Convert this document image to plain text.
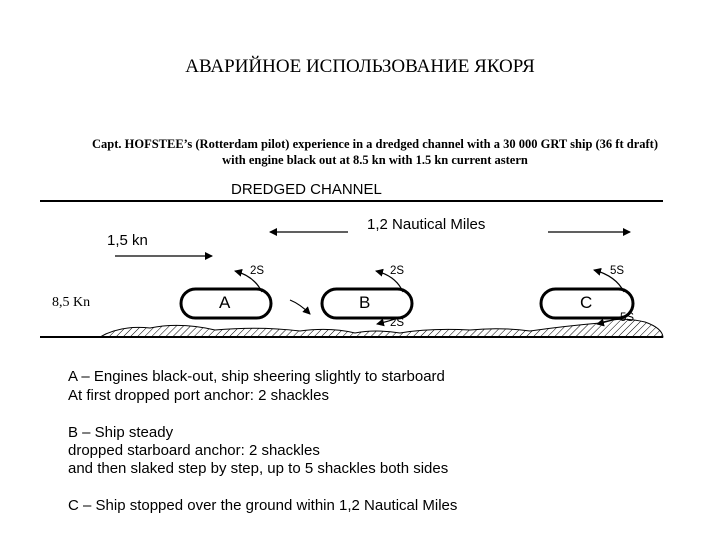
АВАРИЙНОЕ ИСПОЛЬЗОВАНИЕ ЯКОРЯ
Capt. HOFSTEE’s (Rotterdam pilot) experience in a dredged channel with a 30 000 GRT ship (36 ft draft)
with engine black out at 8.5 kn with 1.5 kn current astern
DREDGED CHANNEL
1,2 Nautical Miles
1,5 kn
8,5 Kn	A	B	C
2S	2S
2S
5S
5S
A – Engines black-out, ship sheering slightly to starboard
At first dropped port anchor: 2 shackles
B – Ship steady
dropped starboard anchor: 2 shackles
and then slaked step by step, up to 5 shackles both sides
C – Ship stopped over the ground within 1,2 Nautical Miles
